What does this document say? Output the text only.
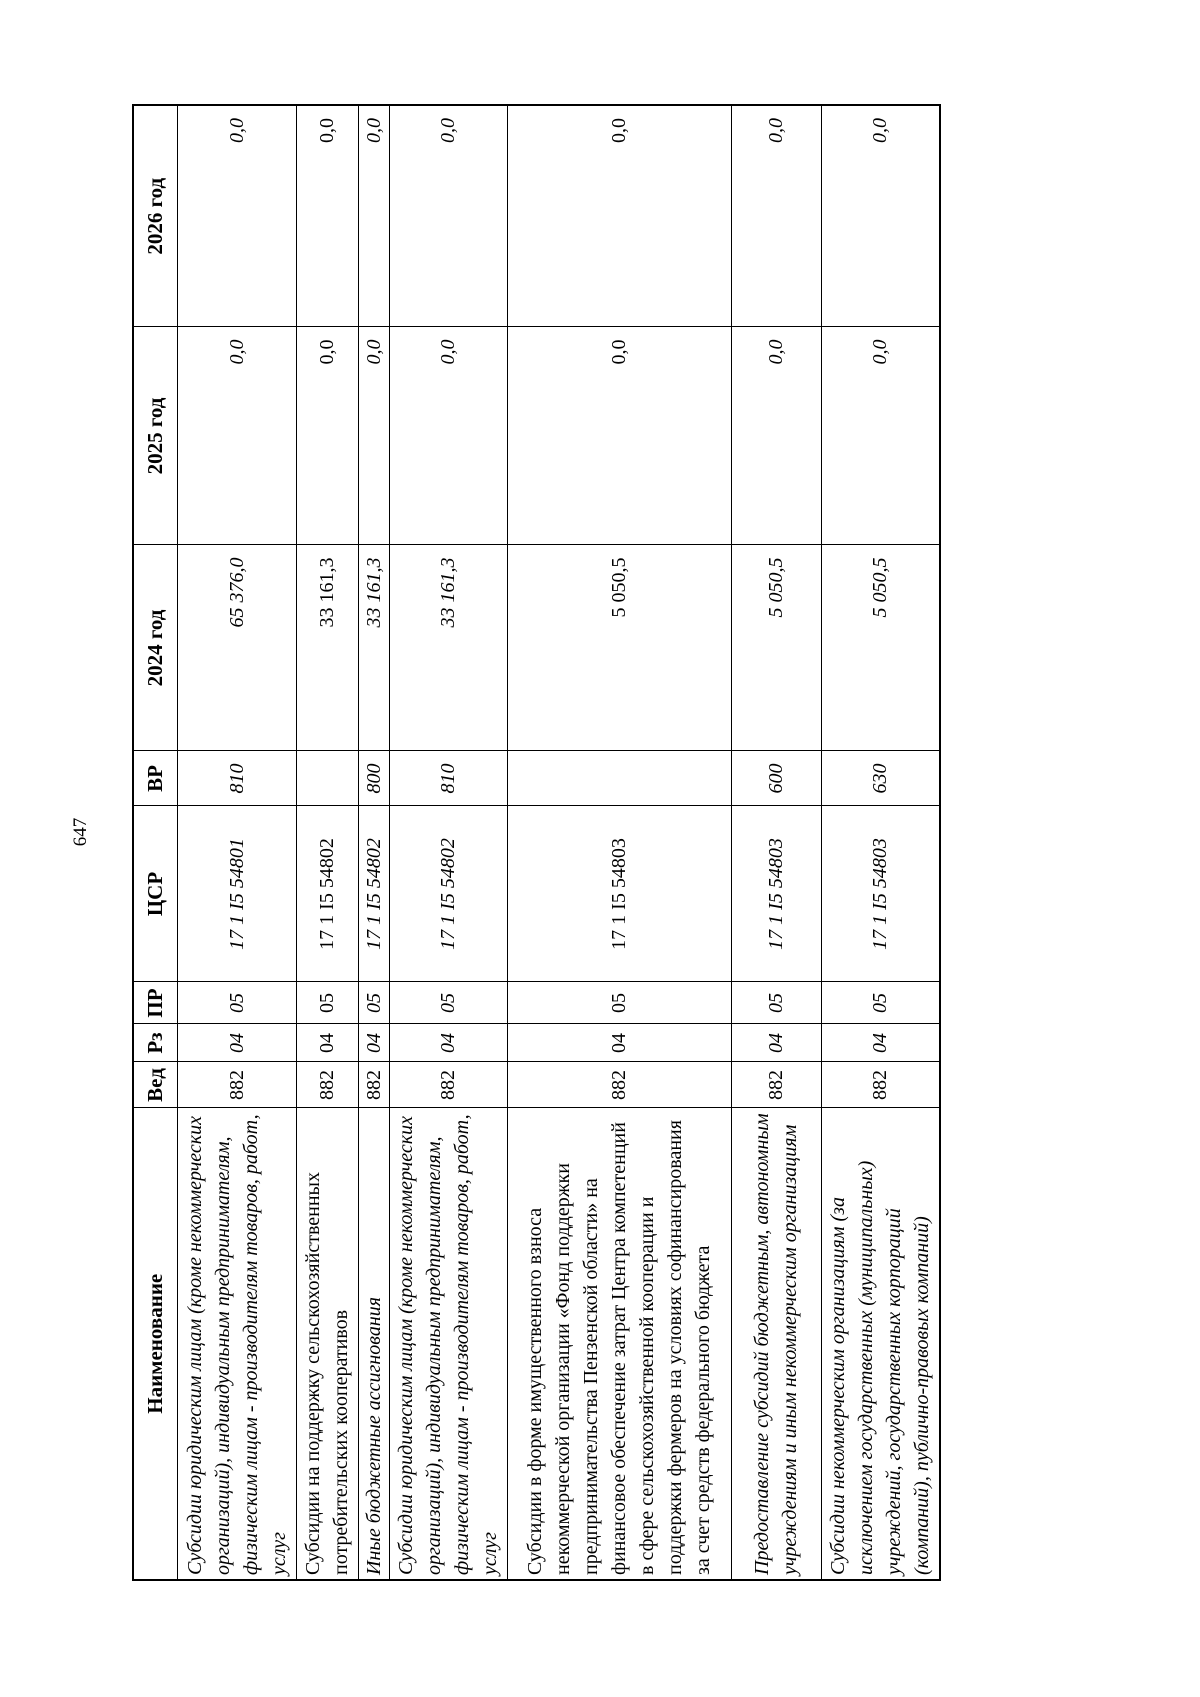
647
Наименование	Вед	Рз	ПР	ЦСР	ВР	2024 год	2025 год	2026 год
Субсидии юридическим лицам (кроме некоммерческих организаций), индивидуальным предпринимателям, физическим лицам - производителям товаров, работ, услуг	882	04	05	17 1 I5 54801	810	65 376,0	0,0	0,0
Субсидии на поддержку сельскохозяйственных потребительских кооперативов	882	04	05	17 1 I5 54802		33 161,3	0,0	0,0
Иные бюджетные ассигнования	882	04	05	17 1 I5 54802	800	33 161,3	0,0	0,0
Субсидии юридическим лицам (кроме некоммерческих организаций), индивидуальным предпринимателям, физическим лицам - производителям товаров, работ, услуг	882	04	05	17 1 I5 54802	810	33 161,3	0,0	0,0
Субсидии в форме имущественного взноса некоммерческой организации «Фонд поддержки предпринимательства Пензенской области» на финансовое обеспечение затрат Центра компетенций в сфере сельскохозяйственной кооперации и поддержки фермеров на условиях софинансирования за счет средств федерального бюджета	882	04	05	17 1 I5 54803		5 050,5	0,0	0,0
Предоставление субсидий бюджетным, автономным учреждениям и иным некоммерческим организациям	882	04	05	17 1 I5 54803	600	5 050,5	0,0	0,0
Субсидии некоммерческим организациям (за исключением государственных (муниципальных) учреждений, государственных корпораций (компаний), публично-правовых компаний)	882	04	05	17 1 I5 54803	630	5 050,5	0,0	0,0
